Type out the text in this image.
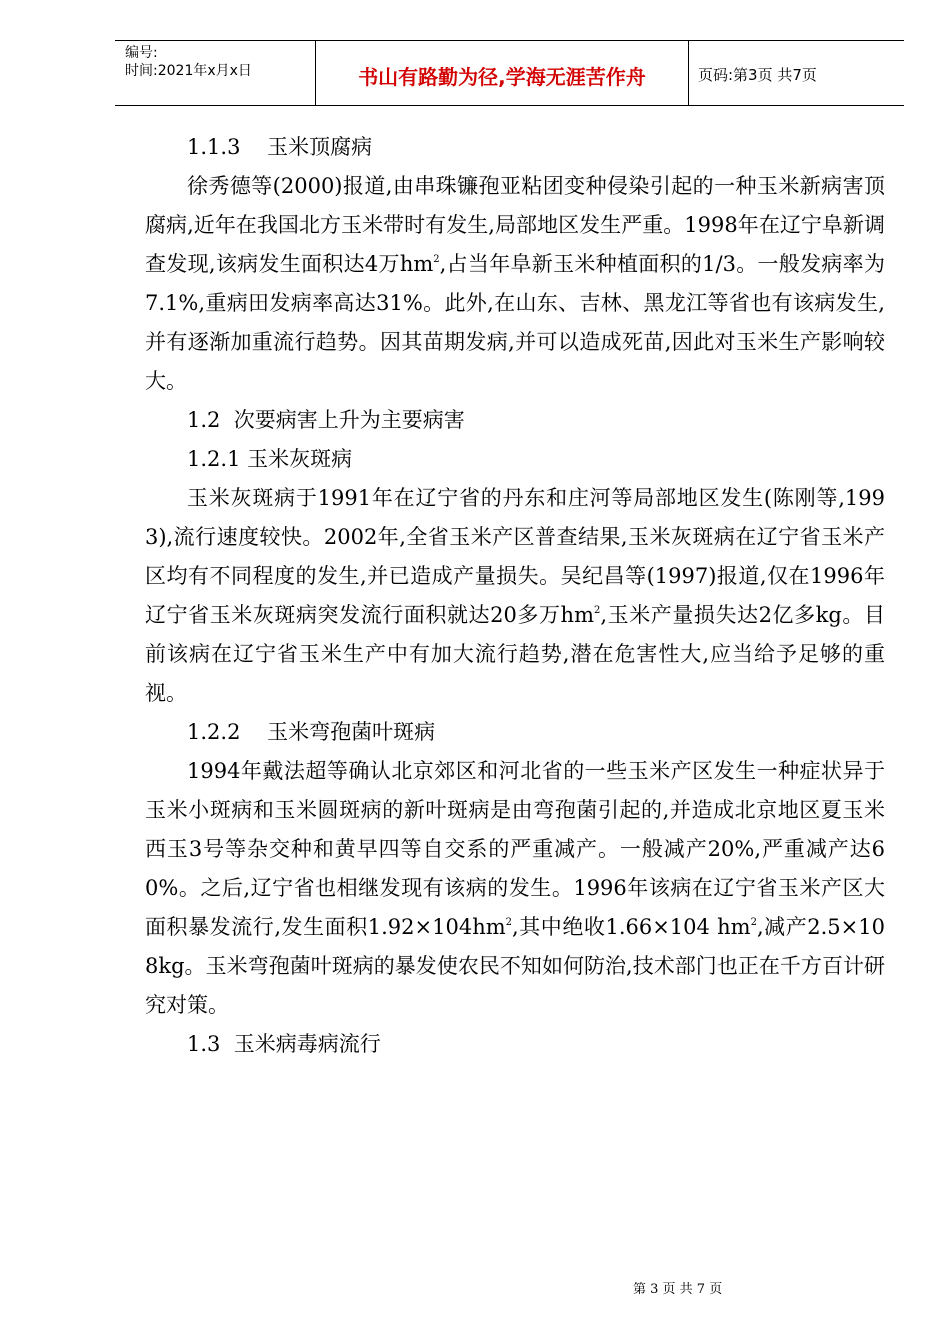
编号:
时间:2021年x月x日	书山有路勤为径,学海无涯苦作舟	页码:第3页 共7页

1.1.3    玉米顶腐病

徐秀德等(2000)报道,由串珠镰孢亚粘团变种侵染引起的一种玉米新病害顶腐病,近年在我国北方玉米带时有发生,局部地区发生严重。1998年在辽宁阜新调查发现,该病发生面积达4万$hm^2$,占当年阜新玉米种植面积的1/3。一般发病率为7.1%,重病田发病率高达31%。此外,在山东、吉林、黑龙江等省也有该病发生,并有逐渐加重流行趋势。因其苗期发病,并可以造成死苗,因此对玉米生产影响较大。

1.2  次要病害上升为主要病害

1.2.1 玉米灰斑病

玉米灰斑病于1991年在辽宁省的丹东和庄河等局部地区发生(陈刚等,1993),流行速度较快。2002年,全省玉米产区普查结果,玉米灰斑病在辽宁省玉米产区均有不同程度的发生,并已造成产量损失。吴纪昌等(1997)报道,仅在1996年辽宁省玉米灰斑病突发流行面积就达20多万$hm^2$,玉米产量损失达2亿多kg。目前该病在辽宁省玉米生产中有加大流行趋势,潜在危害性大,应当给予足够的重视。

1.2.2    玉米弯孢菌叶斑病

1994年戴法超等确认北京郊区和河北省的一些玉米产区发生一种症状异于玉米小斑病和玉米圆斑病的新叶斑病是由弯孢菌引起的,并造成北京地区夏玉米西玉3号等杂交种和黄早四等自交系的严重减产。一般减产20%,严重减产达60%。之后,辽宁省也相继发现有该病的发生。1996年该病在辽宁省玉米产区大面积暴发流行,发生面积$1.92\times 104hm^2$,其中绝收1.66×104 $hm^2$,减产2.5×108kg。玉米弯孢菌叶斑病的暴发使农民不知如何防治,技术部门也正在千方百计研究对策。

1.3  玉米病毒病流行

第 3 页 共 7 页
